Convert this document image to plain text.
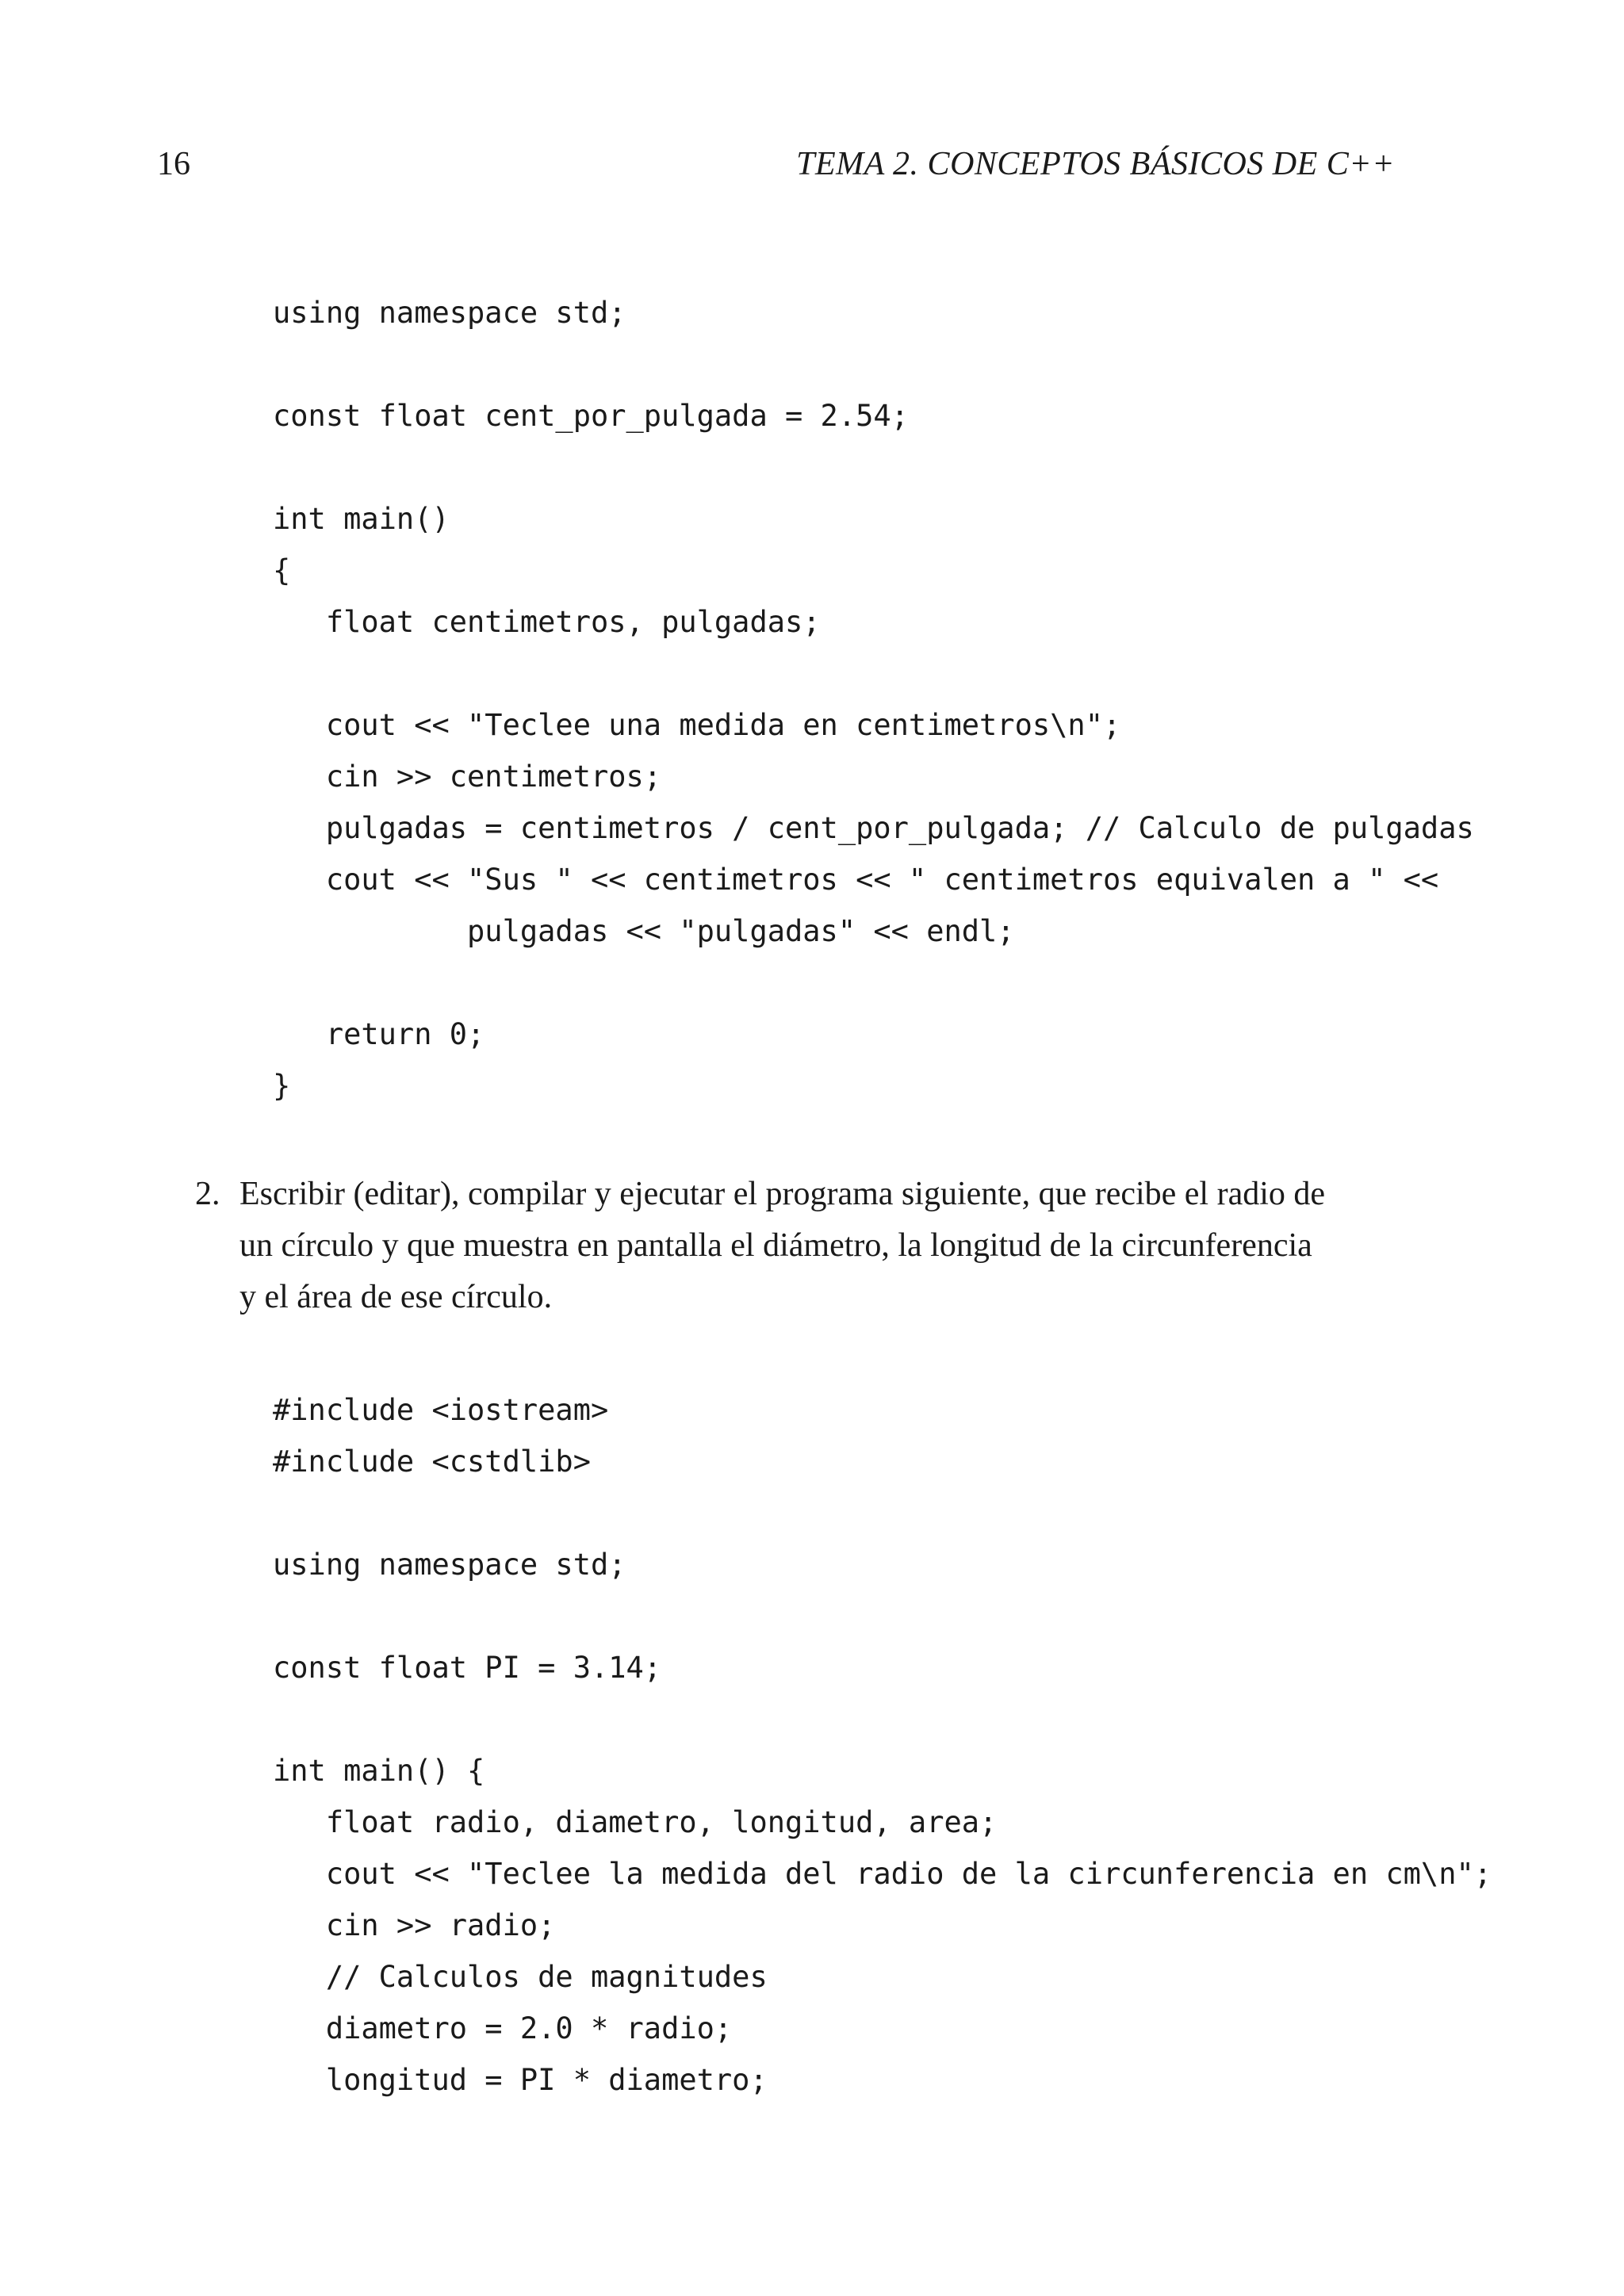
16	TEMA 2. CONCEPTOS BÁSICOS DE C++
using namespace std;
const float cent_por_pulgada = 2.54;
int main()
{
float centimetros, pulgadas;
cout << "Teclee una medida en centimetros\n";
cin >> centimetros;
pulgadas = centimetros / cent_por_pulgada; // Calculo de pulgadas
cout << "Sus " << centimetros << " centimetros equivalen a " <<
pulgadas << "pulgadas" << endl;
return 0;
}
2. Escribir (editar), compilar y ejecutar el programa siguiente, que recibe el radio de
un círculo y que muestra en pantalla el diámetro, la longitud de la circunferencia
y el área de ese círculo.
#include <iostream>
#include <cstdlib>
using namespace std;
const float PI = 3.14;
int main() {
float radio, diametro, longitud, area;
cout << "Teclee la medida del radio de la circunferencia en cm\n";
cin >> radio;
// Calculos de magnitudes
diametro = 2.0 * radio;
longitud = PI * diametro;
